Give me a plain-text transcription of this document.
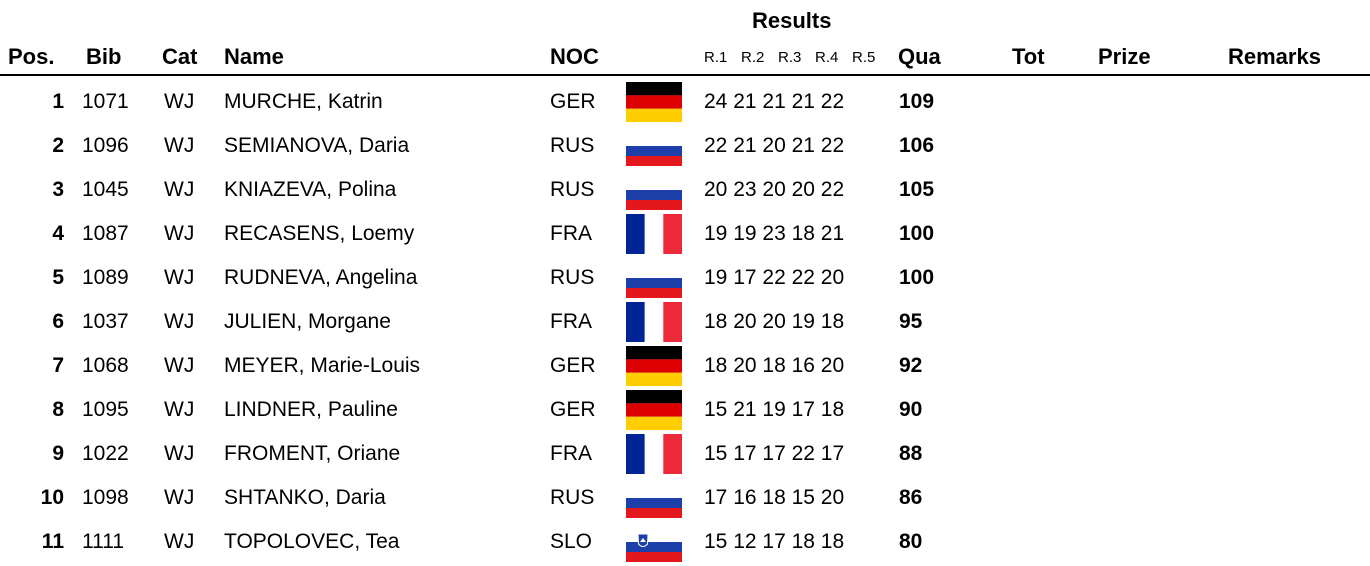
Results
Pos. Bib Cat Name	NOC	R.1 R.2 R.3 R.4 R.5 Qua	Tot Prize	Remarks
1 1071 WJ MURCHE, Katrin	GER	24 21 21 21 22	109
2 1096 WJ SEMIANOVA, Daria	RUS	22 21 20 21 22	106
3 1045 WJ KNIAZEVA, Polina	RUS	20 23 20 20 22	105
4 1087 WJ RECASENS, Loemy	FRA	19 19 23 18 21	100
5 1089 WJ RUDNEVA, Angelina	RUS	19 17 22 22 20	100
6 1037 WJ JULIEN, Morgane	FRA	18 20 20 19 18	95
7 1068 WJ MEYER, Marie-Louis	GER	18 20 18 16 20	92
8 1095 WJ LINDNER, Pauline	GER	15 21 19 17 18	90
9 1022 WJ FROMENT, Oriane	FRA	15 17 17 22 17	88
10 1098 WJ SHTANKO, Daria	RUS	17 16 18 15 20	86
11 1111 WJ TOPOLOVEC, Tea	SLO	15 12 17 18 18	80
